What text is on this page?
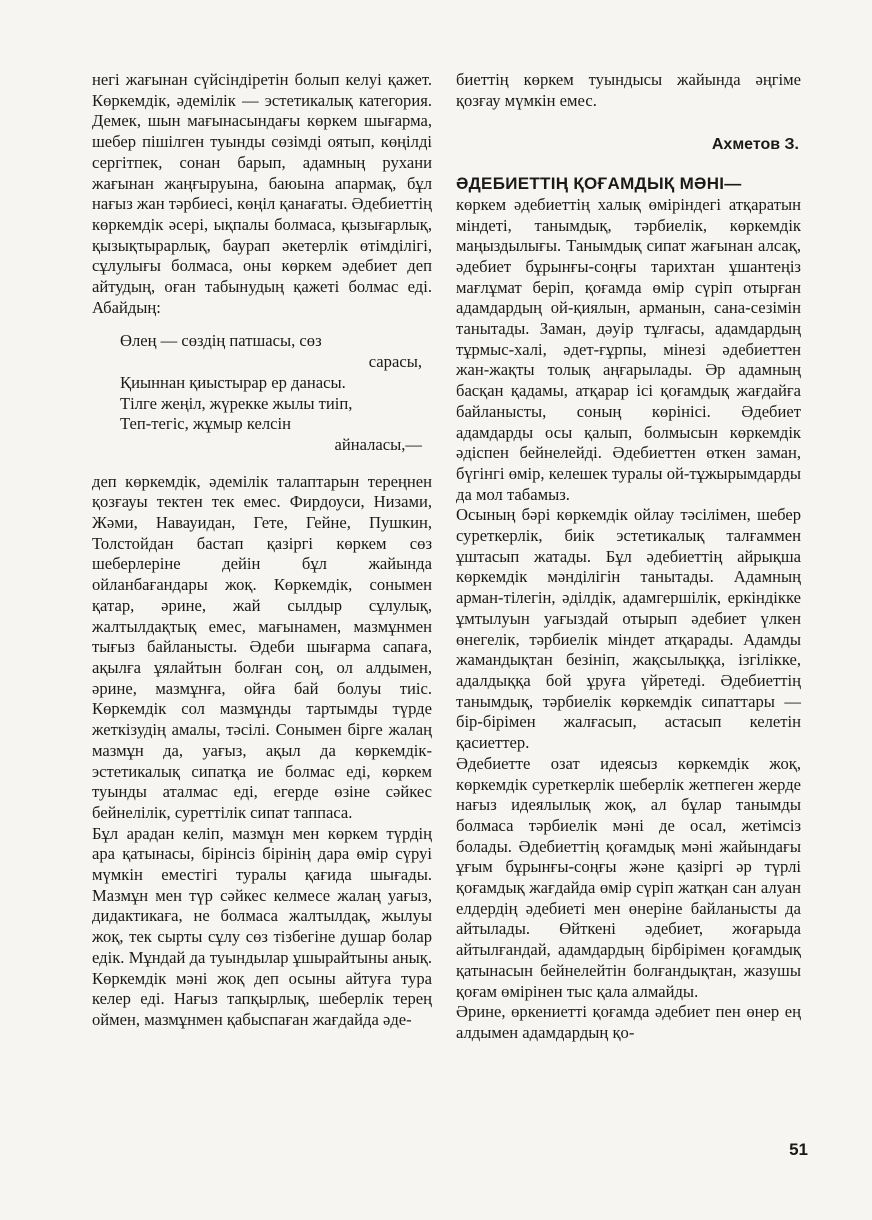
негі жағынан сүйсіндіретін болып келуі қажет. Көркемдік, әдемілік — эстетикалық категория. Демек, шын мағынасындағы көркем шығарма, шебер пішілген туынды сөзімді оятып, көңілді сергітпек, сонан барып, адамның рухани жағынан жаңғыруына, баюына апармақ, бұл нағыз жан тәрбиесі, көңіл қанағаты. Әдебиеттің көркемдік әсері, ықпалы болмаса, қызығарлық, қызықтырарлық, баурап әкетерлік өтімділігі, сұлулығы болмаса, оны көркем әдебиет деп айтудың, оған табынудың қажеті болмас еді. Абайдың:

Өлең — сөздің патшасы, сөз
сарасы,
Қиыннан қиыстырар ер данасы.
Тілге жеңіл, жүрекке жылы тиіп,
Теп-тегіс, жұмыр келсін
айналасы,—

деп көркемдік, әдемілік талаптарын тереңнен қозғауы тектен тек емес. Фирдоуси, Низами, Жәми, Навауидан, Гете, Гейне, Пушкин, Толстойдан бастап қазіргі көркем сөз шеберлеріне дейін бұл жайында ойланбағандары жоқ. Көркемдік, сонымен қатар, әрине, жай сылдыр сұлулық, жалтылдақтық емес, мағынамен, мазмұнмен тығыз байланысты. Әдеби шығарма сапаға, ақылға ұялайтын болған соң, ол алдымен, әрине, мазмұнға, ойға бай болуы тиіс. Көркемдік сол мазмұнды тартымды түрде жеткізудің амалы, тәсілі. Сонымен бірге жалаң мазмұн да, уағыз, ақыл да көркемдік-эстетикалық сипатқа ие болмас еді, көркем туынды аталмас еді, егерде өзіне сәйкес бейнелілік, суреттілік сипат таппаса.

Бұл арадан келіп, мазмұн мен көркем түрдің ара қатынасы, бірінсіз бірінің дара өмір сүруі мүмкін еместігі туралы қағида шығады. Мазмұн мен түр сәйкес келмесе жалаң уағыз, дидактикаға, не болмаса жалтылдақ, жылуы жоқ, тек сырты сұлу сөз тізбегіне душар болар едік. Мұндай да туындылар ұшырайтыны анық. Көркемдік мәні жоқ деп осыны айтуға тура келер еді. Нағыз тапқырлық, шеберлік терең оймен, мазмұнмен қабыспаған жағдайда әде-

биеттің көркем туындысы жайында әңгіме қозғау мүмкін емес.

Ахметов З.
ӘДЕБИЕТТІҢ ҚОҒАМДЫҚ МӘНІ—

көркем әдебиеттің халық өміріндегі атқаратын міндеті, танымдық, тәрбиелік, көркемдік маңыздылығы. Танымдық сипат жағынан алсақ, әдебиет бұрынғы-соңғы тарихтан ұшантеңіз мағлұмат беріп, қоғамда өмір сүріп отырған адамдардың ой-қиялын, арманын, сана-сезімін танытады. Заман, дәуір тұлғасы, адамдардың тұрмыс-халі, әдет-ғұрпы, мінезі әдебиеттен жан-жақты толық аңғарылады. Әр адамның басқан қадамы, атқарар ісі қоғамдық жағдайға байланысты, соның көрінісі. Әдебиет адамдарды осы қалып, болмысын көркемдік әдіспен бейнелейді. Әдебиеттен өткен заман, бүгінгі өмір, келешек туралы ой-тұжырымдарды да мол табамыз.

Осының бәрі көркемдік ойлау тәсілімен, шебер суреткерлік, биік эстетикалық талғаммен ұштасып жатады. Бұл әдебиеттің айрықша көркемдік мәнділігін танытады. Адамның арман-тілегін, әділдік, адамгершілік, еркіндікке ұмтылуын уағыздай отырып әдебиет үлкен өнегелік, тәрбиелік міндет атқарады. Адамды жамандықтан безініп, жақсылыққа, ізгілікке, адалдыққа бой ұруға үйретеді. Әдебиеттің танымдық, тәрбиелік көркемдік сипаттары — бір-бірімен жалғасып, астасып келетін қасиеттер.

Әдебиетте озат идеясыз көркемдік жоқ, көркемдік суреткерлік шеберлік жетпеген жерде нағыз идеялылық жоқ, ал бұлар танымды болмаса тәрбиелік мәні де осал, жетімсіз болады. Әдебиеттің қоғамдық мәні жайындағы ұғым бұрынғы-соңғы және қазіргі әр түрлі қоғамдық жағдайда өмір сүріп жатқан сан алуан елдердің әдебиеті мен өнеріне байланысты да айтылады. Өйткені әдебиет, жоғарыда айтылғандай, адамдардың бірбірімен қоғамдық қатынасын бейнелейтін болғандықтан, жазушы қоғам өмірінен тыс қала алмайды.

Әрине, өркениетті қоғамда әдебиет пен өнер ең алдымен адамдардың қо-

51
